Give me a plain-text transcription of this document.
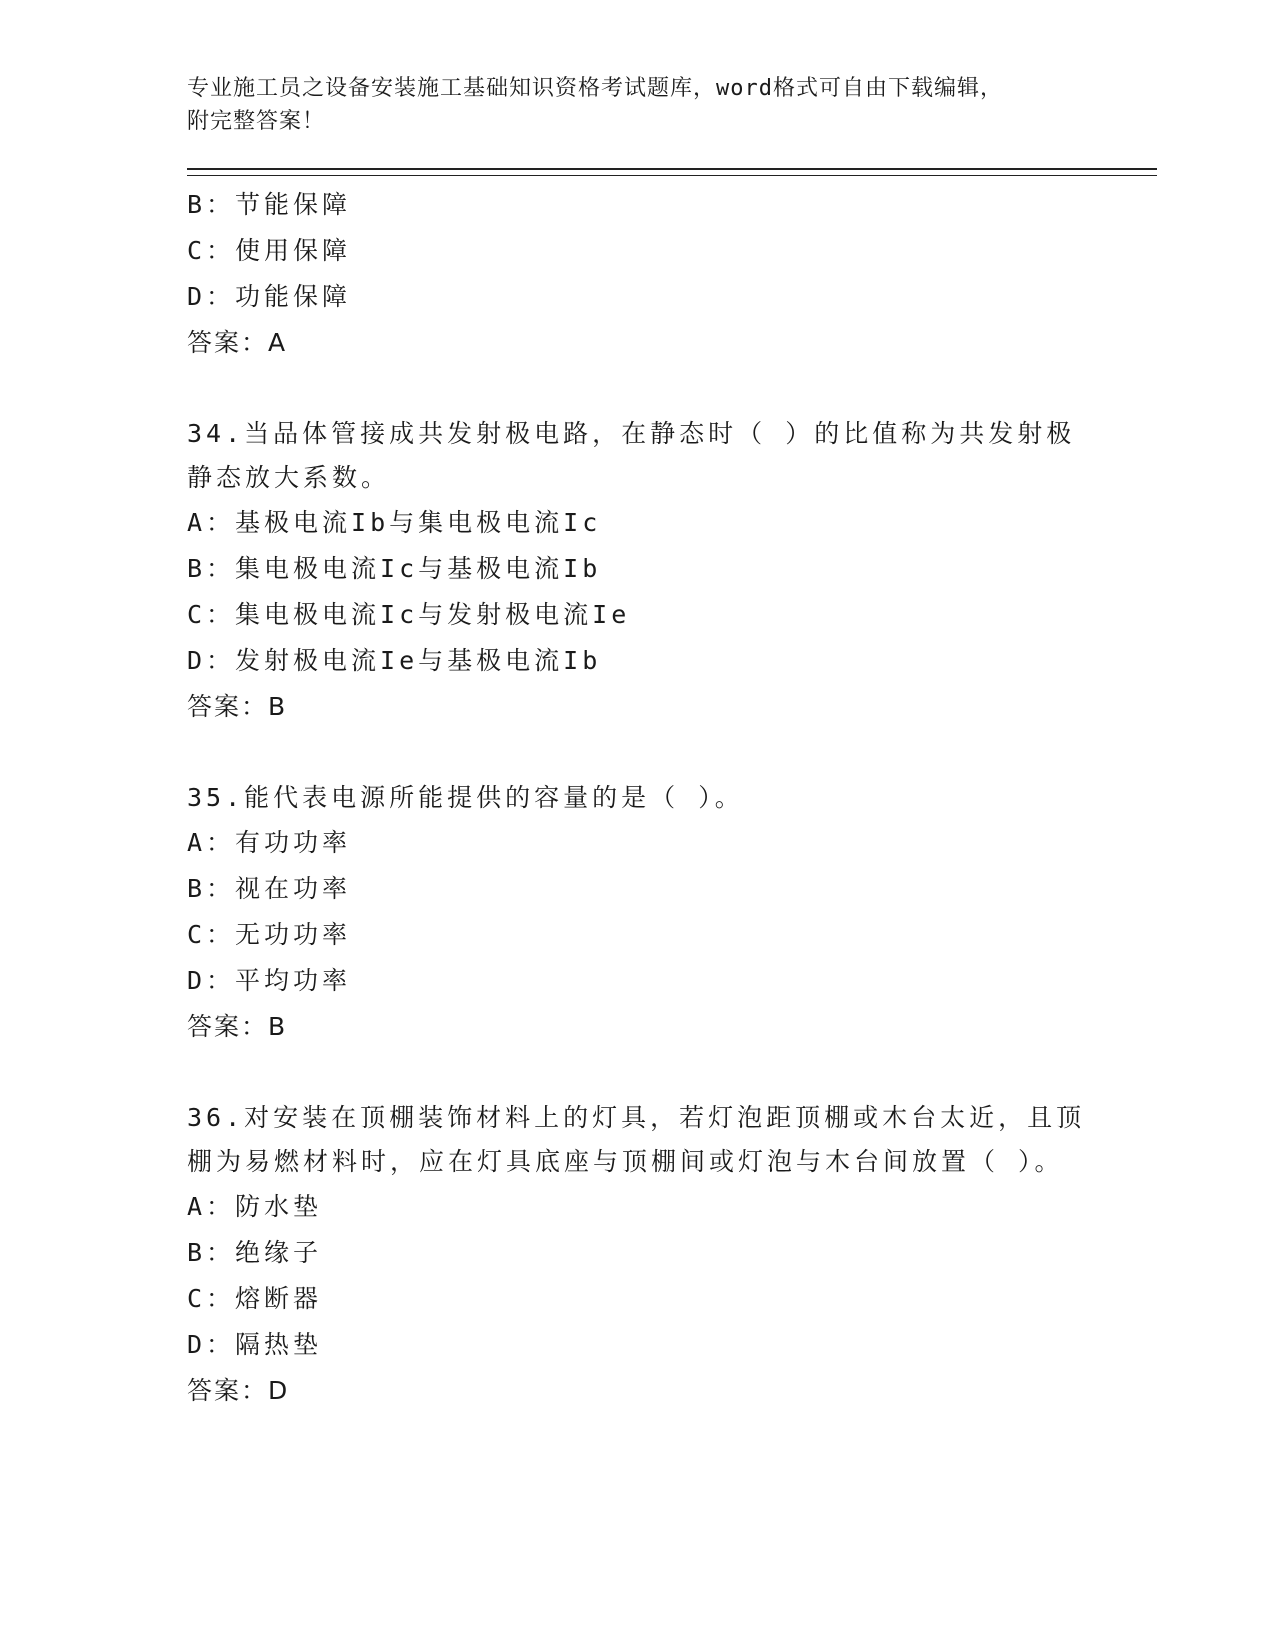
专业施工员之设备安装施工基础知识资格考试题库，word格式可自由下载编辑，

附完整答案！

B：节能保障
C：使用保障
D：功能保障
答案：A
34.当品体管接成共发射极电路，在静态时（ ）的比值称为共发射极静态放大系数。
A：基极电流Ib与集电极电流Ic
B：集电极电流Ic与基极电流Ib
C：集电极电流Ic与发射极电流Ie
D：发射极电流Ie与基极电流Ib
答案：B
35.能代表电源所能提供的容量的是（ ）。
A：有功功率
B：视在功率
C：无功功率
D：平均功率
答案：B
36.对安装在顶棚装饰材料上的灯具，若灯泡距顶棚或木台太近，且顶棚为易燃材料时，应在灯具底座与顶棚间或灯泡与木台间放置（ ）。
A：防水垫
B：绝缘子
C：熔断器
D：隔热垫
答案：D
